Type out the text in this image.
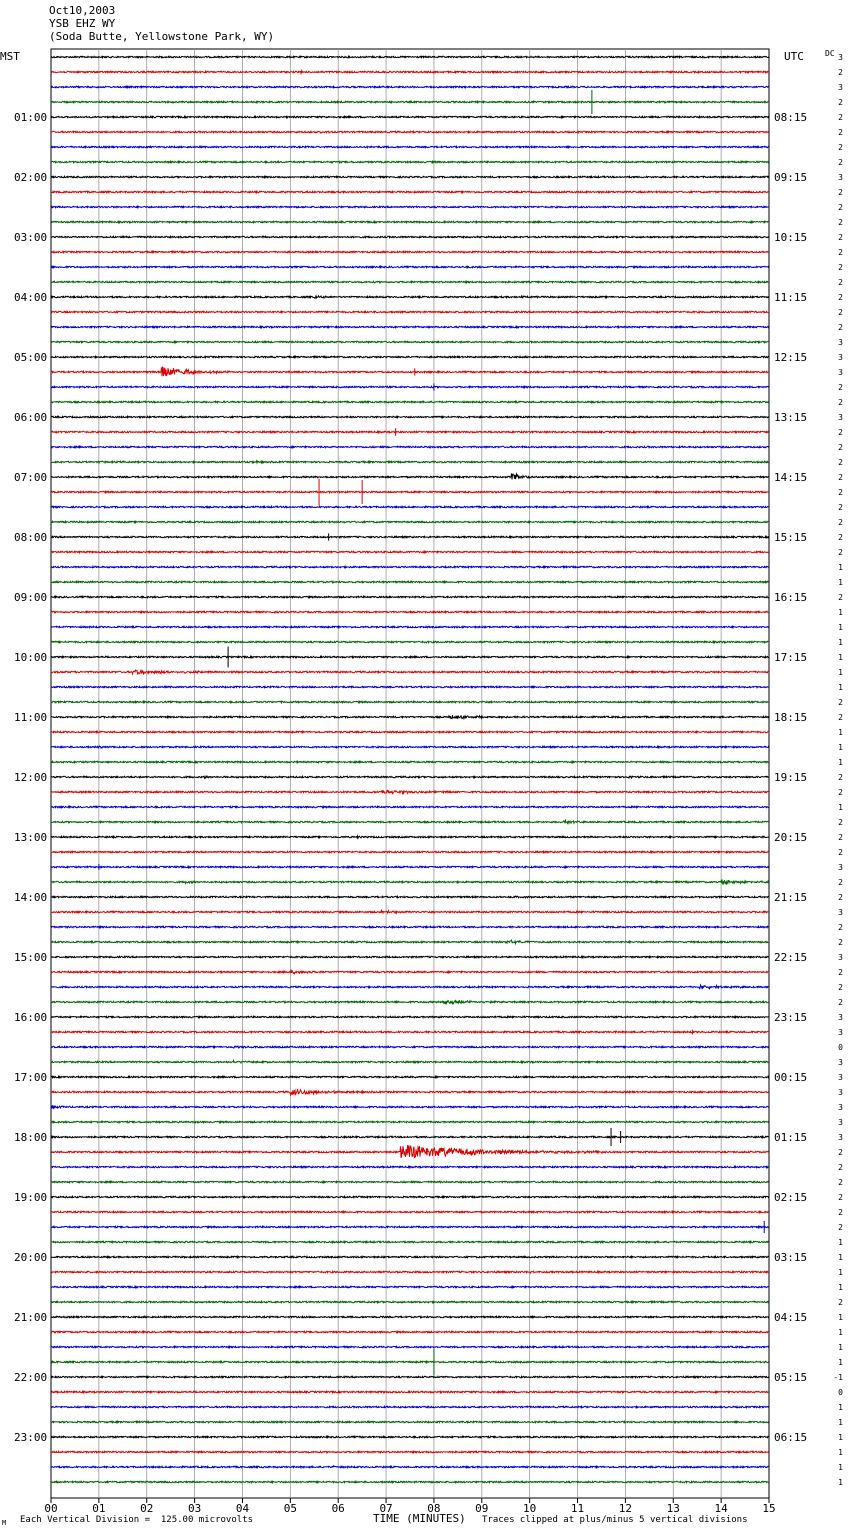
00	01	02	03	04	05	06	07	08	09	10	11	12	13	14	15
01:00
02:00
03:00
04:00
05:00
06:00
07:00
08:00
09:00
10:00
11:00
12:00
13:00
14:00
15:00
16:00
17:00
18:00
19:00
20:00
21:00
22:00
23:00
08:15
09:15
10:15
11:15
12:15
13:15
14:15
15:15
16:15
17:15
18:15
19:15
20:15
21:15
22:15
23:15
00:15
01:15
02:15
03:15
04:15
05:15
06:15
3
2
3
2
2
2
2
2
3
2
2
2
2
2
2
2
2
2
2
3
3
3
2
2
3
2
2
2
2
2
2
2
2
2
1
1
2
1
1
1
1
1
1
2
2
1
1
1
2
2
1
2
2
2
3
2
2
3
2
2
3
2
2
2
3
3
0
3
3
3
3
3
3
2
2
2
2
2
2
1
1
1
1
2
1
1
1
1
-1
0
1
1
1
1
1
1
Oct10,2003
YSB EHZ WY
(Soda Butte, Yellowstone Park, WY)
MST	UTC	DC
M Each Vertical Division =  125.00 microvolts	TIME (MINUTES) Traces clipped at plus/minus 5 vertical divisions
